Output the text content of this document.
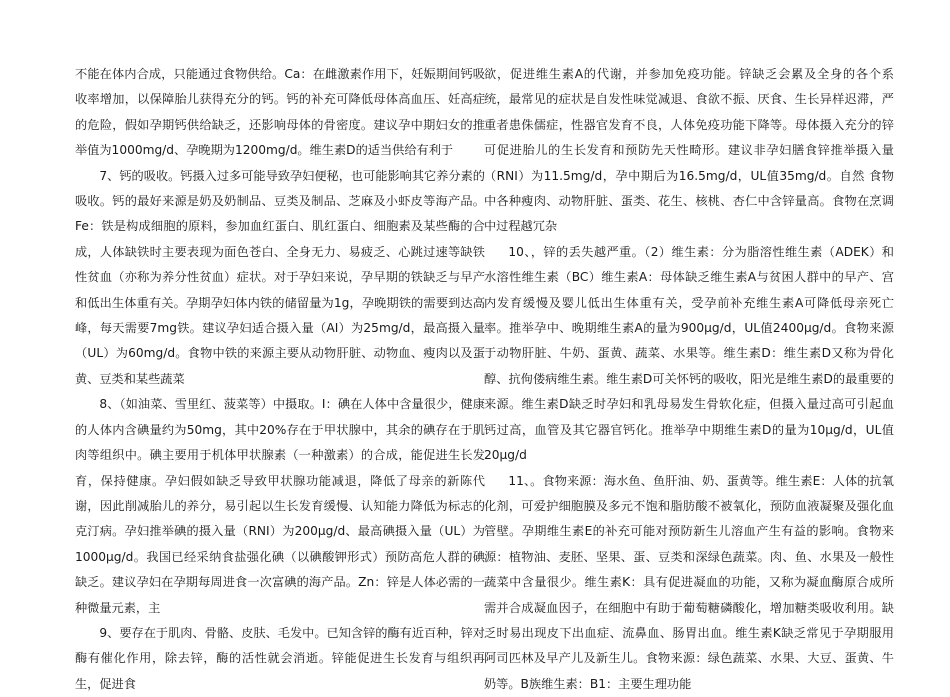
不能在体内合成，只能通过食物供给。Ca：在雌激素作用下，妊娠期间钙吸收率增加，以保障胎儿获得充分的钙。钙的补充可降低母体高血压、妊高症的危险，假如孕期钙供给缺乏，还影响母体的骨密度。建议孕中期妇女的推举值为1000mg/d、孕晚期为1200mg/d。维生素D的适当供给有利于

7、钙的吸收。钙摄入过多可能导致孕妇便秘，也可能影响其它养分素的吸收。钙的最好来源是奶及奶制品、豆类及制品、芝麻及小虾皮等海产品。Fe：铁是构成细胞的原料，参加血红蛋白、肌红蛋白、细胞素及某些酶的合成，人体缺铁时主要表现为面色苍白、全身无力、易疲乏、心跳过速等缺铁性贫血（亦称为养分性贫血）症状。对于孕妇来说，孕早期的铁缺乏与早产和低出生体重有关。孕期孕妇体内铁的储留量为1g，孕晚期铁的需要到达高峰，每天需要7mg铁。建议孕妇适合摄入量（AI）为25mg/d，最高摄入量（UL）为60mg/d。食物中铁的来源主要从动物肝脏、动物血、瘦肉以及蛋黄、豆类和某些蔬菜

8、（如油菜、雪里红、菠菜等）中摄取。I：碘在人体中含量很少，健康的人体内含碘量约为50mg，其中20%存在于甲状腺中，其余的碘存在于肌肉等组织中。碘主要用于机体甲状腺素（一种激素）的合成，能促进生长发育，保持健康。孕妇假如缺乏导致甲状腺功能减退，降低了母亲的新陈代谢，因此削减胎儿的养分，易引起以生长发育缓慢、认知能力降低为标志的克汀病。孕妇推举碘的摄入量（RNI）为200μg/d、最高碘摄入量（UL）为1000μg/d。我国已经采纳食盐强化碘（以碘酸钾形式）预防高危人群的碘缺乏。建议孕妇在孕期每周进食一次富碘的海产品。Zn：锌是人体必需的一种微量元素，主

9、要存在于肌肉、骨骼、皮肤、毛发中。已知含锌的酶有近百种，锌对酶有催化作用，除去锌，酶的活性就会消逝。锌能促进生长发育与组织再生，促进食

欲，促进维生素A的代谢，并参加免疫功能。锌缺乏会累及全身的各个系统，最常见的症状是自发性味觉减退、食欲不振、厌食、生长异样迟滞，严重者患侏儒症，性器官发育不良，人体免疫功能下降等。母体摄入充分的锌可促进胎儿的生长发育和预防先天性畸形。建议非孕妇膳食锌推举摄入量（RNI）为11.5mg/d，孕中期后为16.5mg/d，UL值35mg/d。自然 食物中各种瘦肉、动物肝脏、蛋类、花生、核桃、杏仁中含锌量高。食物在烹调中过程越冗杂

10、，锌的丢失越严重。（2）维生素：分为脂溶性维生素（ADEK）和水溶性维生素（BC）维生素A：母体缺乏维生素A与贫困人群中的早产、宫内发育缓慢及婴儿低出生体重有关，受孕前补充维生素A可降低母亲死亡率。推举孕中、晚期维生素A的量为900μg/d，UL值2400μg/d。食物来源于动物肝脏、牛奶、蛋黄、蔬菜、水果等。维生素D：维生素D又称为骨化醇、抗佝偻病维生素。维生素D可关怀钙的吸收，阳光是维生素D的最重要的来源。维生素D缺乏时孕妇和乳母易发生骨软化症，但摄入量过高可引起血钙过高，血管及其它器官钙化。推举孕中期维生素D的量为10μg/d，UL值20μg/d

11、。食物来源：海水鱼、鱼肝油、奶、蛋黄等。维生素E：人体的抗氧化剂，可爱护细胞膜及多元不饱和脂肪酸不被氧化，预防血液凝聚及强化血管壁。孕期维生素E的补充可能对预防新生儿溶血产生有益的影响。食物来源：植物油、麦胚、坚果、蛋、豆类和深绿色蔬菜。肉、鱼、水果及一般性蔬菜中含量很少。维生素K：具有促进凝血的功能，又称为凝血酶原合成所需并合成凝血因子，在细胞中有助于葡萄糖磷酸化，增加糖类吸收利用。缺乏时易出现皮下出血症、流鼻血、肠胃出血。维生素K缺乏常见于孕期服用阿司匹林及早产儿及新生儿。食物来源：绿色蔬菜、水果、大豆、蛋黄、牛奶等。B族维生素：B1：主要生理功能
